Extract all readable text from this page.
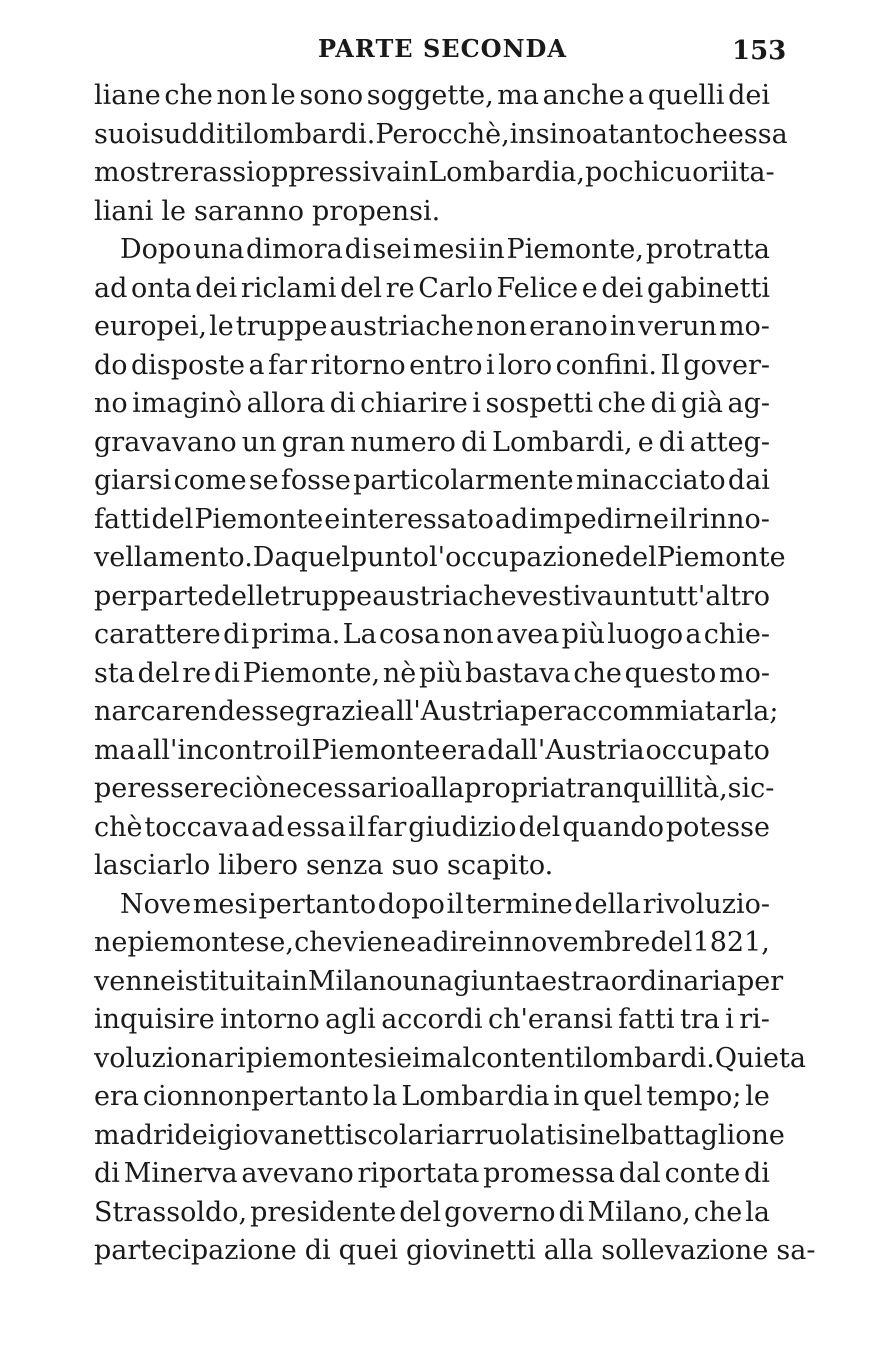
PARTE SECONDA	153
liane che non le sono soggette, ma anche a quelli dei
suoi sudditi lombardi. Perocchè, insino a tanto che essa
mostrerassi oppressiva in Lombardia, pochi cuori ita-
liani le saranno propensi.
Dopo una dimora di sei mesi in Piemonte, protratta
ad onta dei riclami del re Carlo Felice e dei gabinetti
europei, le truppe austriache non erano in verun mo-
do disposte a far ritorno entro i loro confini. Il gover-
no imaginò allora di chiarire i sospetti che di già ag-
gravavano un gran numero di Lombardi, e di atteg-
giarsi come se fosse particolarmente minacciato dai
fatti del Piemonte e interessato ad impedirne il rinno-
vellamento. Da quel punto l'occupazione del Piemonte
per parte delle truppe austriache vestiva un tutt'altro
carattere di prima. La cosa non avea più luogo a chie-
sta del re di Piemonte, nè più bastava che questo mo-
narca rendesse grazie all'Austria per accommiatarla;
ma all'incontro il Piemonte era dall'Austria occupato
per essere ciò necessario alla propria tranquillità, sic-
chè toccava ad essa il far giudizio del quando potesse
lasciarlo libero senza suo scapito.
Nove mesi pertanto dopo il termine della rivoluzio-
ne piemontese, che viene a dire in novembre del 1821,
venne istituita in Milano una giunta estraordinaria per
inquisire intorno agli accordi ch'eransi fatti tra i ri-
voluzionari piemontesi e i malcontenti lombardi. Quieta
era cionnonpertanto la Lombardia in quel tempo; le
madri dei giovanetti scolari arruolatisi nel battaglione
di Minerva avevano riportata promessa dal conte di
Strassoldo, presidente del governo di Milano, che la
partecipazione di quei giovinetti alla sollevazione sa-
